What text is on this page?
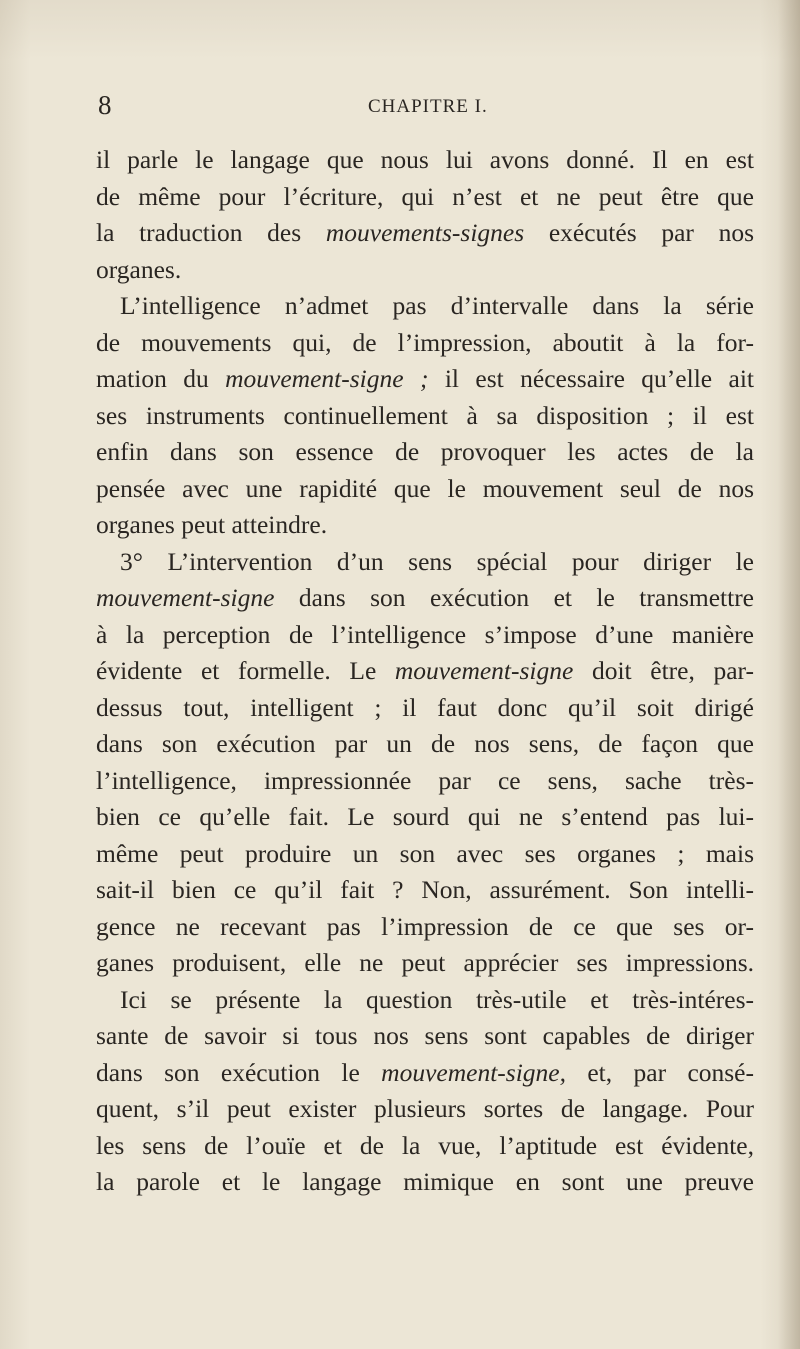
8	CHAPITRE I.
il parle le langage que nous lui avons donné. Il en est
de même pour l’écriture, qui n’est et ne peut être que
la traduction des mouvements-signes exécutés par nos
organes.
L’intelligence n’admet pas d’intervalle dans la série
de mouvements qui, de l’impression, aboutit à la for-
mation du mouvement-signe ; il est nécessaire qu’elle ait
ses instruments continuellement à sa disposition ; il est
enfin dans son essence de provoquer les actes de la
pensée avec une rapidité que le mouvement seul de nos
organes peut atteindre.
3° L’intervention d’un sens spécial pour diriger le
mouvement-signe dans son exécution et le transmettre
à la perception de l’intelligence s’impose d’une manière
évidente et formelle. Le mouvement-signe doit être, par-
dessus tout, intelligent ; il faut donc qu’il soit dirigé
dans son exécution par un de nos sens, de façon que
l’intelligence, impressionnée par ce sens, sache très-
bien ce qu’elle fait. Le sourd qui ne s’entend pas lui-
même peut produire un son avec ses organes ; mais
sait-il bien ce qu’il fait ? Non, assurément. Son intelli-
gence ne recevant pas l’impression de ce que ses or-
ganes produisent, elle ne peut apprécier ses impressions.
Ici se présente la question très-utile et très-intéres-
sante de savoir si tous nos sens sont capables de diriger
dans son exécution le mouvement-signe, et, par consé-
quent, s’il peut exister plusieurs sortes de langage. Pour
les sens de l’ouïe et de la vue, l’aptitude est évidente,
la parole et le langage mimique en sont une preuve
